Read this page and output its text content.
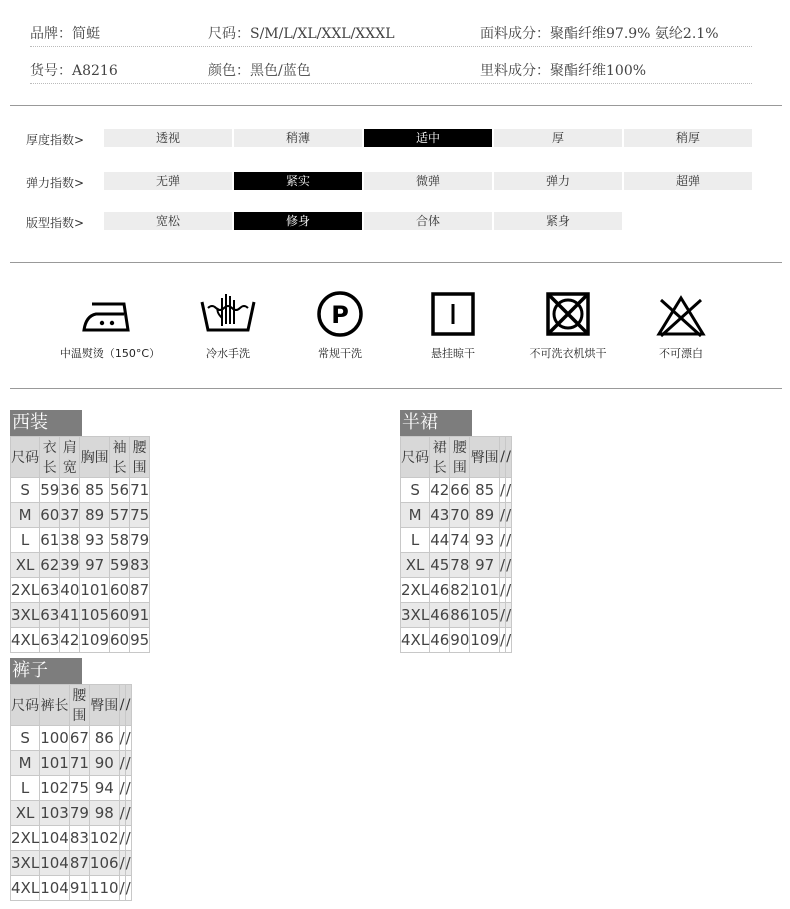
品牌：简蜓	尺码：S/M/L/XL/XXL/XXXL	面料成分：聚酯纤维97.9% 氨纶2.1%
货号：A8216	颜色：黑色/蓝色	里料成分：聚酯纤维100%
厚度指数>	透视	稍薄	适中	厚	稍厚
弹力指数>	无弹	紧实	微弹	弹力	超弹
版型指数>	宽松	修身	合体	紧身
中温熨烫（150°C）	冷水手洗
P
常规干洗	悬挂晾干	不可洗衣机烘干	不可漂白
西装
尺码	衣长	肩宽	胸围	袖长	腰围
S	59	36	85	56	71
M	60	37	89	57	75
L	61	38	93	58	79
XL	62	39	97	59	83
2XL	63	40	101	60	87
3XL	63	41	105	60	91
4XL	63	42	109	60	95
半裙
尺码	裙长	腰围	臀围	/	/
S	42	66	85	/	/
M	43	70	89	/	/
L	44	74	93	/	/
XL	45	78	97	/	/
2XL	46	82	101	/	/
3XL	46	86	105	/	/
4XL	46	90	109	/	/
裤子
尺码	裤长	腰围	臀围	/	/
S	100	67	86	/	/
M	101	71	90	/	/
L	102	75	94	/	/
XL	103	79	98	/	/
2XL	104	83	102	/	/
3XL	104	87	106	/	/
4XL	104	91	110	/	/
